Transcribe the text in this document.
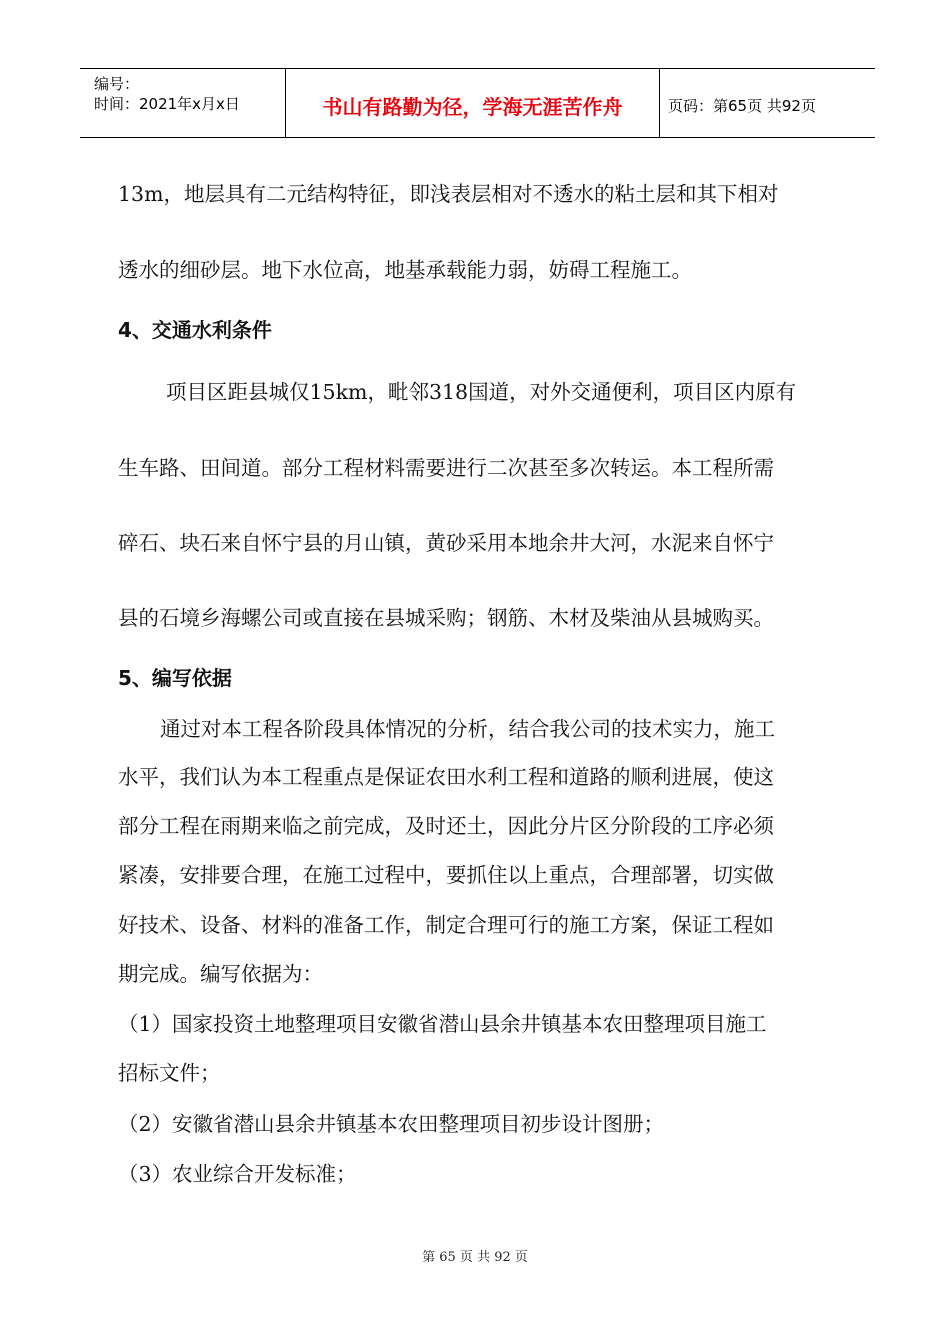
编号：
时间：2021年x月x日	书山有路勤为径，学海无涯苦作舟	页码：第65页 共92页
13m，地层具有二元结构特征，即浅表层相对不透水的粘土层和其下相对
透水的细砂层。地下水位高，地基承载能力弱，妨碍工程施工。
4、交通水利条件
项目区距县城仅15km，毗邻318国道，对外交通便利，项目区内原有
生车路、田间道。部分工程材料需要进行二次甚至多次转运。本工程所需
碎石、块石来自怀宁县的月山镇，黄砂采用本地余井大河，水泥来自怀宁
县的石境乡海螺公司或直接在县城采购；钢筋、木材及柴油从县城购买。
5、编写依据
通过对本工程各阶段具体情况的分析，结合我公司的技术实力，施工
水平，我们认为本工程重点是保证农田水利工程和道路的顺利进展，使这
部分工程在雨期来临之前完成，及时还土，因此分片区分阶段的工序必须
紧凑，安排要合理，在施工过程中，要抓住以上重点，合理部署，切实做
好技术、设备、材料的准备工作，制定合理可行的施工方案，保证工程如
期完成。编写依据为：
（1）国家投资土地整理项目安徽省潜山县余井镇基本农田整理项目施工
招标文件；
（2）安徽省潜山县余井镇基本农田整理项目初步设计图册；
（3）农业综合开发标准；
第 65 页 共 92 页
